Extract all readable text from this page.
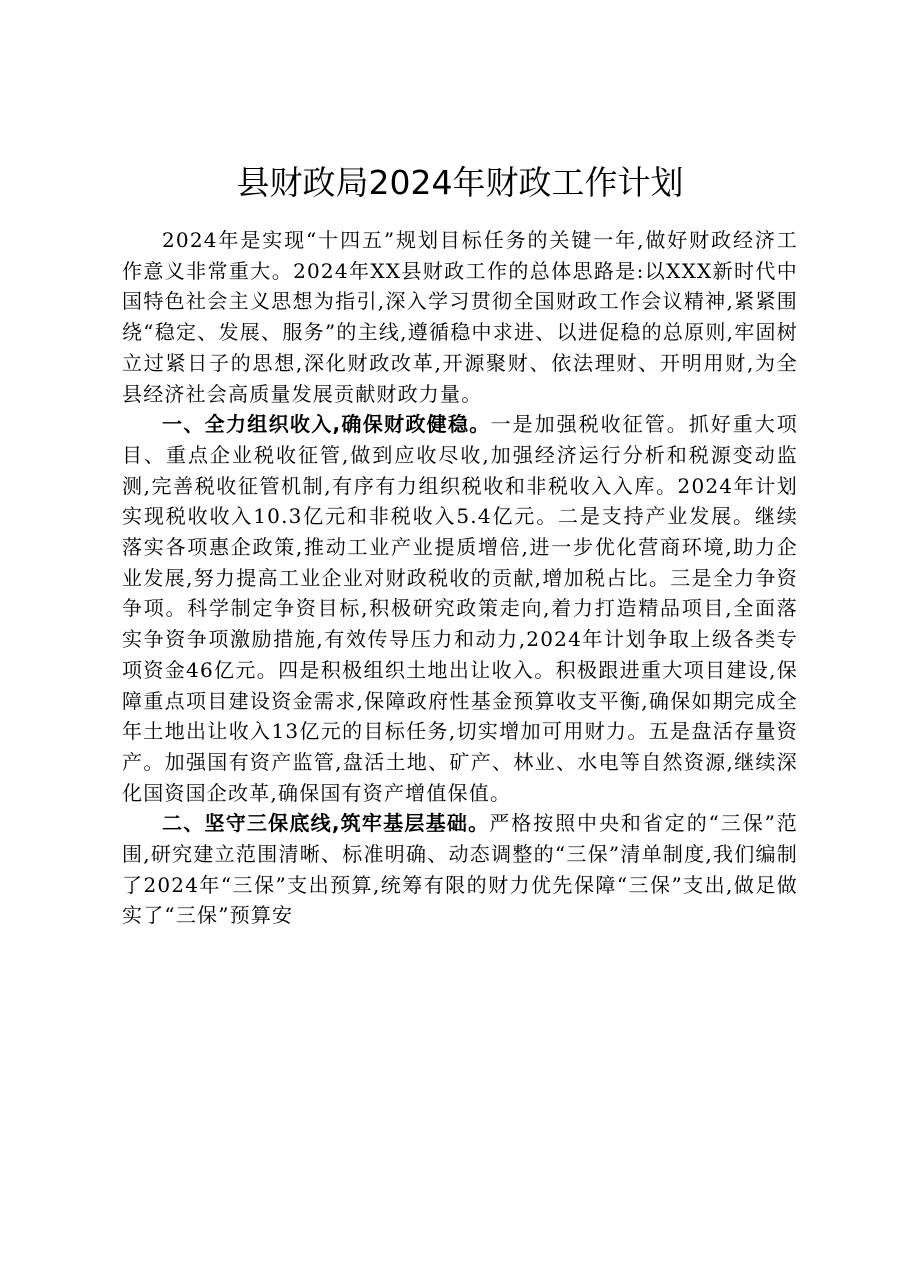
县财政局2024年财政工作计划

2024年是实现“十四五”规划目标任务的关键一年,做好财政经济工作意义非常重大。2024年XX县财政工作的总体思路是:以XXX新时代中国特色社会主义思想为指引,深入学习贯彻全国财政工作会议精神,紧紧围绕“稳定、发展、服务”的主线,遵循稳中求进、以进促稳的总原则,牢固树立过紧日子的思想,深化财政改革,开源聚财、依法理财、开明用财,为全县经济社会高质量发展贡献财政力量。

一、全力组织收入,确保财政健稳。一是加强税收征管。抓好重大项目、重点企业税收征管,做到应收尽收,加强经济运行分析和税源变动监测,完善税收征管机制,有序有力组织税收和非税收入入库。2024年计划实现税收收入10.3亿元和非税收入5.4亿元。二是支持产业发展。继续落实各项惠企政策,推动工业产业提质增倍,进一步优化营商环境,助力企业发展,努力提高工业企业对财政税收的贡献,增加税占比。三是全力争资争项。科学制定争资目标,积极研究政策走向,着力打造精品项目,全面落实争资争项激励措施,有效传导压力和动力,2024年计划争取上级各类专项资金46亿元。四是积极组织土地出让收入。积极跟进重大项目建设,保障重点项目建设资金需求,保障政府性基金预算收支平衡,确保如期完成全年土地出让收入13亿元的目标任务,切实增加可用财力。五是盘活存量资产。加强国有资产监管,盘活土地、矿产、林业、水电等自然资源,继续深化国资国企改革,确保国有资产增值保值。

二、坚守三保底线,筑牢基层基础。严格按照中央和省定的“三保”范围,研究建立范围清晰、标准明确、动态调整的“三保”清单制度,我们编制了2024年“三保”支出预算,统筹有限的财力优先保障“三保”支出,做足做实了“三保”预算安
